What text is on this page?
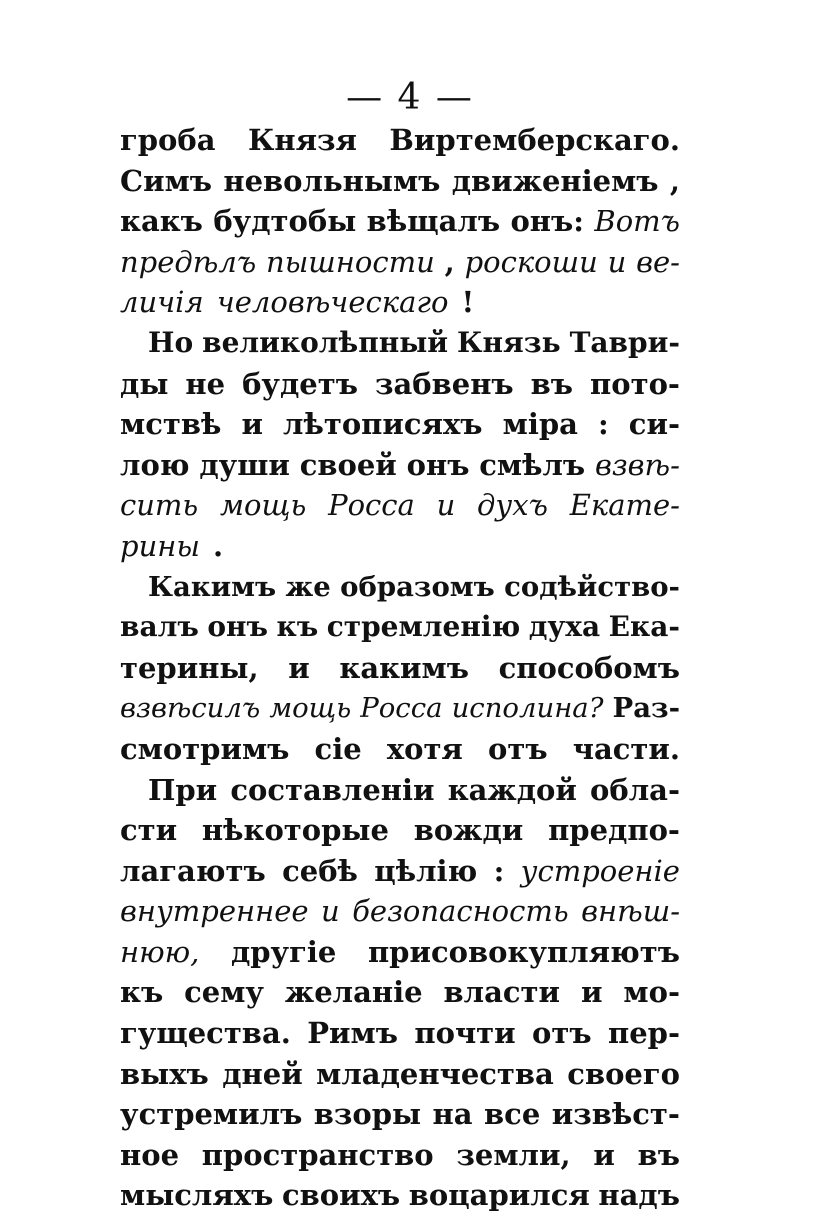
— 4 —
гроба Князя Виртемберскаго.
Симъ невольнымъ движеніемъ ,
какъ будтобы вѣщалъ онъ: Вотъ
предѣлъ пышности , роскоши и ве-
личія человѣческаго !
Но великолѣпный Князь Таври-
ды не будетъ забвенъ въ пото-
мствѣ и лѣтописяхъ міра : си-
лою души своей онъ смѣлъ взвѣ-
сить мощь Росса и духъ Екате-
рины .
Какимъ же образомъ содѣйство-
валъ онъ къ стремленію духа Ека-
терины, и какимъ способомъ
взвѣсилъ мощь Росса исполина? Раз-
смотримъ сіе хотя отъ части.
При составленіи каждой обла-
сти нѣкоторые вожди предпо-
лагаютъ себѣ цѣлію : устроеніе
внутреннее и безопасность внѣш-
нюю, другіе присовокупляютъ
къ сему желаніе власти и мо-
гущества. Римъ почти отъ пер-
выхъ дней младенчества своего
устремилъ взоры на все извѣст-
ное пространство земли, и въ
мысляхъ своихъ воцарился надъ
